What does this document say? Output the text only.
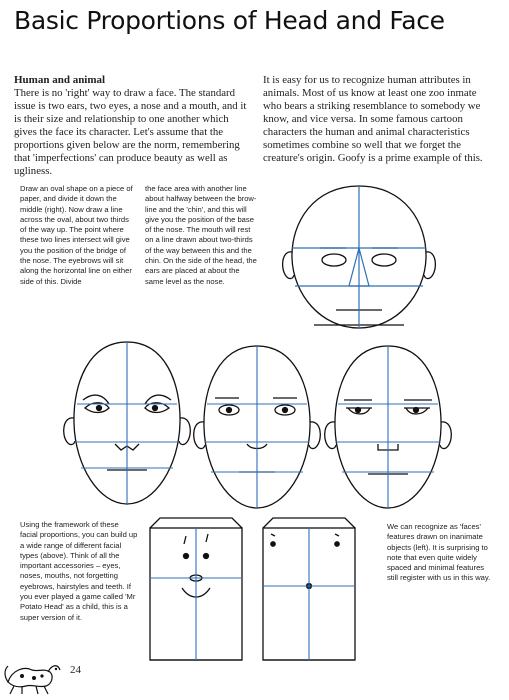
Basic Proportions of Head and Face

Human and animal
There is no 'right' way to draw a face. The standard issue is two ears, two eyes, a nose and a mouth, and it is their size and relationship to one another which gives the face its character. Let's assume that the proportions given below are the norm, remembering that 'imperfections' can produce beauty as well as ugliness.

It is easy for us to recognize human attributes in animals. Most of us know at least one zoo inmate who bears a striking resemblance to somebody we know, and vice versa. In some famous cartoon characters the human and animal characteristics sometimes combine so well that we forget the creature's origin. Goofy is a prime example of this.

Draw an oval shape on a piece of paper, and divide it down the middle (right). Now draw a line across the oval, about two thirds of the way up. The point where these two lines intersect will give you the position of the bridge of the nose. The eyebrows will sit along the horizontal line on either side of this. Divide

the face area with another line about halfway between the brow-line and the 'chin', and this will give you the position of the base of the nose. The mouth will rest on a line drawn about two-thirds of the way between this and the chin. On the side of the head, the ears are placed at about the same level as the nose.

Using the framework of these facial proportions, you can build up a wide range of different facial types (above). Think of all the important accessories – eyes, noses, mouths, not forgetting eyebrows, hairstyles and teeth. If you ever played a game called 'Mr Potato Head' as a child, this is a super version of it.

We can recognize as 'faces' features drawn on inanimate objects (left). It is surprising to note that even quite widely spaced and minimal features still register with us in this way.

24
